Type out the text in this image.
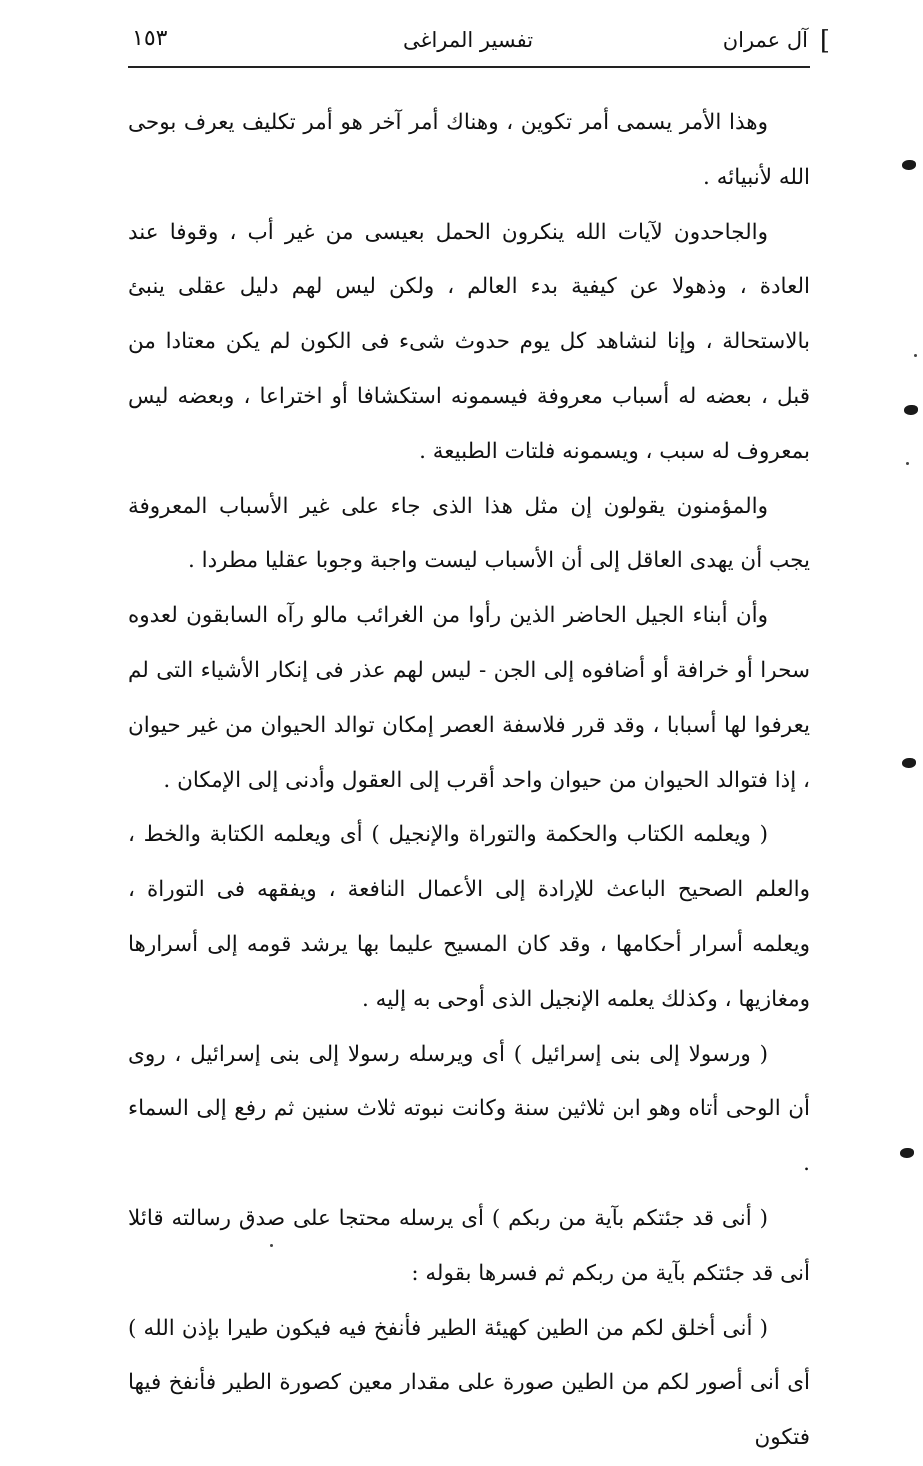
]
آل عمران
تفسير المراغى
١٥٣

وهذا الأمر يسمى أمر تكوين ، وهناك أمر آخر هو أمر تكليف يعرف بوحى الله لأنبيائه .

والجاحدون لآيات الله ينكرون الحمل بعيسى من غير أب ، وقوفا عند العادة ، وذهولا عن كيفية بدء العالم ، ولكن ليس لهم دليل عقلى ينبئ بالاستحالة ، وإنا لنشاهد كل يوم حدوث شىء فى الكون لم يكن معتادا من قبل ، بعضه له أسباب معروفة فيسمونه استكشافا أو اختراعا ، وبعضه ليس بمعروف له سبب ، ويسمونه فلتات الطبيعة .

والمؤمنون يقولون إن مثل هذا الذى جاء على غير الأسباب المعروفة يجب أن يهدى العاقل إلى أن الأسباب ليست واجبة وجوبا عقليا مطردا .

وأن أبناء الجيل الحاضر الذين رأوا من الغرائب مالو رآه السابقون لعدوه سحرا أو خرافة أو أضافوه إلى الجن - ليس لهم عذر فى إنكار الأشياء التى لم يعرفوا لها أسبابا ، وقد قرر فلاسفة العصر إمكان توالد الحيوان من غير حيوان ، إذا فتوالد الحيوان من حيوان واحد أقرب إلى العقول وأدنى إلى الإمكان .

( ويعلمه الكتاب والحكمة والتوراة والإنجيل ) أى ويعلمه الكتابة والخط ، والعلم الصحيح الباعث للإرادة إلى الأعمال النافعة ، ويفقهه فى التوراة ، ويعلمه أسرار أحكامها ، وقد كان المسيح عليما بها يرشد قومه إلى أسرارها ومغازيها ، وكذلك يعلمه الإنجيل الذى أوحى به إليه .

( ورسولا إلى بنى إسرائيل ) أى ويرسله رسولا إلى بنى إسرائيل ، روى أن الوحى أتاه وهو ابن ثلاثين سنة وكانت نبوته ثلاث سنين ثم رفع إلى السماء .

( أنى قد جئتكم بآية من ربكم ) أى يرسله محتجا على صدق رسالته قائلا أنى قد جئتكم بآية من ربكم ثم فسرها بقوله :

( أنى أخلق لكم من الطين كهيئة الطير فأنفخ فيه فيكون طيرا بإذن الله ) أى أنى أصور لكم من الطين صورة على مقدار معين كصورة الطير فأنفخ فيها فتكون
